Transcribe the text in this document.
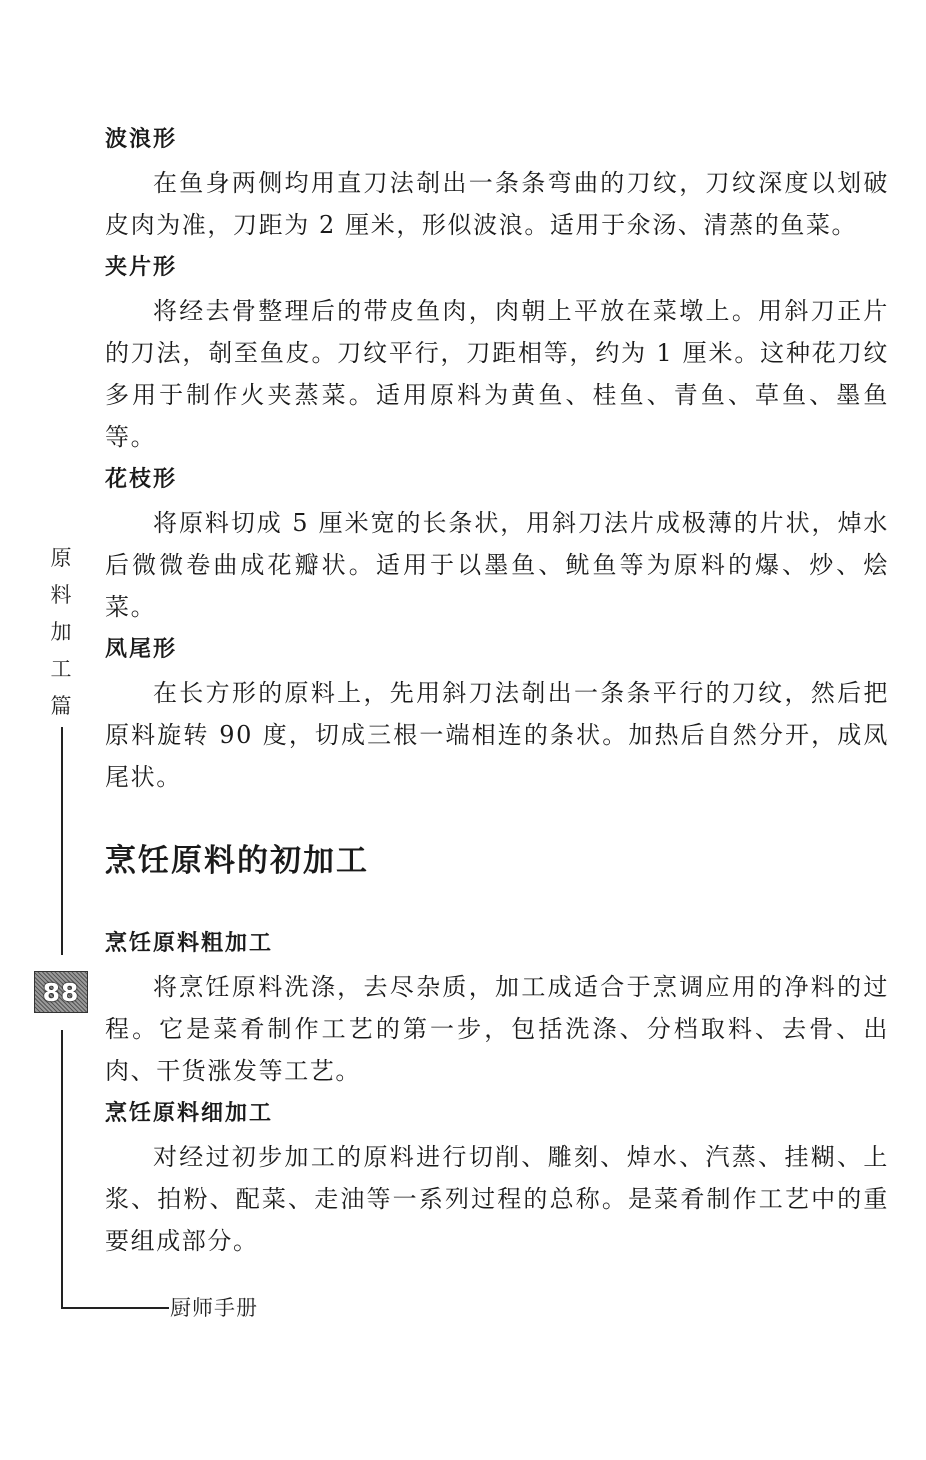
波浪形

在鱼身两侧均用直刀法剞出一条条弯曲的刀纹，刀纹深度以划破皮肉为准，刀距为 2 厘米，形似波浪。适用于氽汤、清蒸的鱼菜。

夹片形

将经去骨整理后的带皮鱼肉，肉朝上平放在菜墩上。用斜刀正片的刀法，剞至鱼皮。刀纹平行，刀距相等，约为 1 厘米。这种花刀纹多用于制作火夹蒸菜。适用原料为黄鱼、桂鱼、青鱼、草鱼、墨鱼等。

花枝形

将原料切成 5 厘米宽的长条状，用斜刀法片成极薄的片状，焯水后微微卷曲成花瓣状。适用于以墨鱼、鱿鱼等为原料的爆、炒、烩菜。

凤尾形

在长方形的原料上，先用斜刀法剞出一条条平行的刀纹，然后把原料旋转 90 度，切成三根一端相连的条状。加热后自然分开，成凤尾状。

烹饪原料的初加工
烹饪原料粗加工

将烹饪原料洗涤，去尽杂质，加工成适合于烹调应用的净料的过程。它是菜肴制作工艺的第一步，包括洗涤、分档取料、去骨、出肉、干货涨发等工艺。

烹饪原料细加工

对经过初步加工的原料进行切削、雕刻、焯水、汽蒸、挂糊、上浆、拍粉、配菜、走油等一系列过程的总称。是菜肴制作工艺中的重要组成部分。

原
料
加
工
篇
88
厨师手册
